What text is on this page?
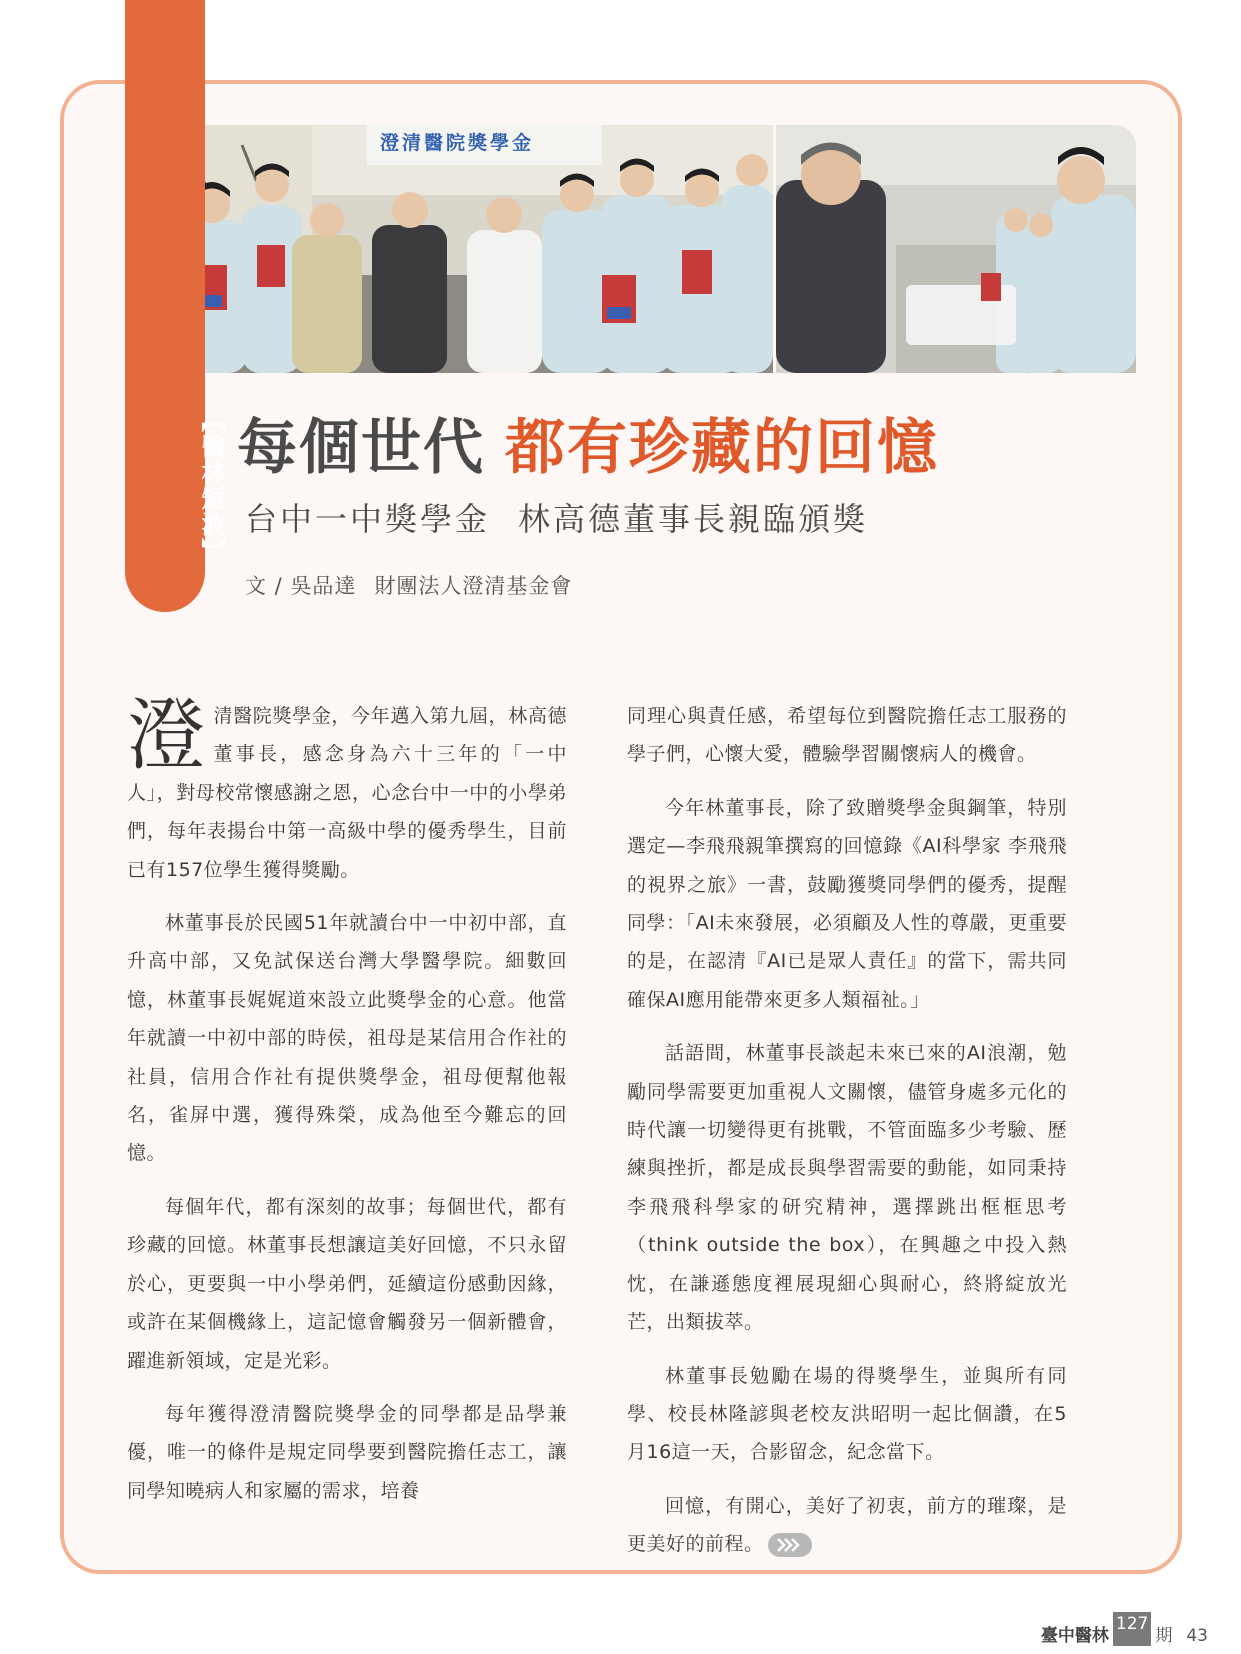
【醫林短波】 每個世代 都有珍藏的回憶
台中一中獎學金 林高德董事長親臨頒獎
文 / 吳品達 財團法人澄清基金會

澄清醫院獎學金，今年邁入第九屆，林高德董事長，感念身為六十三年的「一中人」，對母校常懷感謝之恩，心念台中一中的小學弟們，每年表揚台中第一高級中學的優秀學生，目前已有157位學生獲得獎勵。

林董事長於民國51年就讀台中一中初中部，直升高中部，又免試保送台灣大學醫學院。細數回憶，林董事長娓娓道來設立此獎學金的心意。他當年就讀一中初中部的時侯，祖母是某信用合作社的社員，信用合作社有提供獎學金，祖母便幫他報名，雀屏中選，獲得殊榮，成為他至今難忘的回憶。

每個年代，都有深刻的故事；每個世代，都有珍藏的回憶。林董事長想讓這美好回憶，不只永留於心，更要與一中小學弟們，延續這份感動因緣，或許在某個機緣上，這記憶會觸發另一個新體會，躍進新領域，定是光彩。

每年獲得澄清醫院獎學金的同學都是品學兼優，唯一的條件是規定同學要到醫院擔任志工，讓同學知曉病人和家屬的需求，培養

同理心與責任感，希望每位到醫院擔任志工服務的學子們，心懷大愛，體驗學習關懷病人的機會。

今年林董事長，除了致贈獎學金與鋼筆，特別選定—李飛飛親筆撰寫的回憶錄《AI科學家 李飛飛的視界之旅》一書，鼓勵獲獎同學們的優秀，提醒同學：「AI未來發展，必須顧及人性的尊嚴，更重要的是，在認清『AI已是眾人責任』的當下，需共同確保AI應用能帶來更多人類福祉。」

話語間，林董事長談起未來已來的AI浪潮，勉勵同學需要更加重視人文關懷，儘管身處多元化的時代讓一切變得更有挑戰，不管面臨多少考驗、歷練與挫折，都是成長與學習需要的動能，如同秉持李飛飛科學家的研究精神，選擇跳出框框思考（think outside the box），在興趣之中投入熱忱，在謙遜態度裡展現細心與耐心，終將綻放光芒，出類拔萃。

林董事長勉勵在場的得獎學生，並與所有同學、校長林隆諺與老校友洪昭明一起比個讚，在5月16這一天，合影留念，紀念當下。

回憶，有開心，美好了初衷，前方的璀璨，是更美好的前程。

臺中醫林
127
期 43
澄清醫院獎學金
